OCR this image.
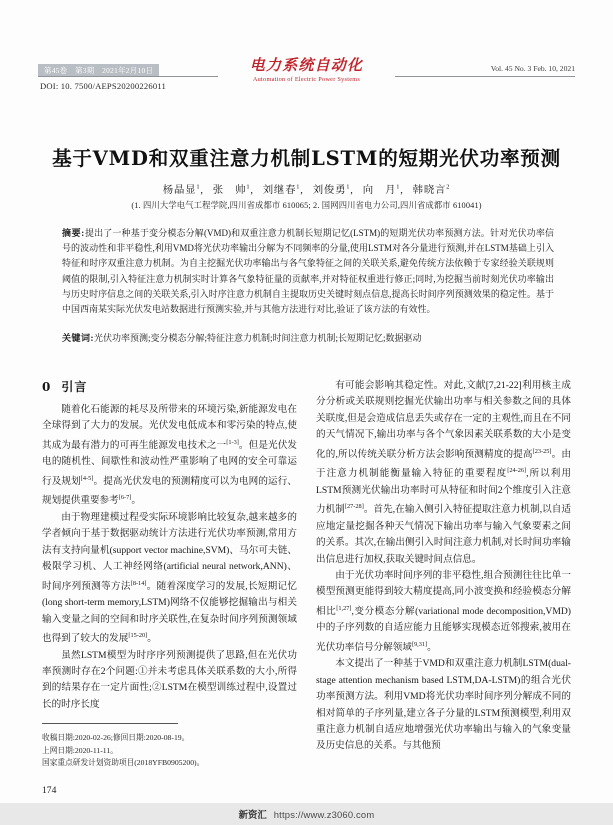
第45卷　第3期　2021年2月10日
DOI: 10. 7500/AEPS20200226011
Vol. 45 No. 3 Feb. 10, 2021
电力系统自动化
Automation of Electric Power Systems
基于VMD和双重注意力机制LSTM的短期光伏功率预测
杨晶显$^1$, 张　帅$^1$, 刘继春$^1$, 刘俊勇$^1$, 向　月$^1$, 韩晓言$^2$
(1. 四川大学电气工程学院,四川省成都市 610065; 2. 国网四川省电力公司,四川省成都市 610041)
摘要:提出了一种基于变分模态分解(VMD)和双重注意力机制长短期记忆(LSTM)的短期光伏功率预测方法。针对光伏功率信号的波动性和非平稳性,利用VMD将光伏功率输出分解为不同频率的分量,使用LSTM对各分量进行预测,并在LSTM基础上引入特征和时序双重注意力机制。为自主挖掘光伏功率输出与各气象特征之间的关联关系,避免传统方法依赖于专家经验关联规则阈值的限制,引入特征注意力机制实时计算各气象特征量的贡献率,并对特征权重进行修正;同时,为挖掘当前时刻光伏功率输出与历史时序信息之间的关联关系,引入时序注意力机制自主提取历史关键时刻点信息,提高长时间序列预测效果的稳定性。基于中国西南某实际光伏发电站数据进行预测实验,并与其他方法进行对比,验证了该方法的有效性。
关键词:光伏功率预测;变分模态分解;特征注意力机制;时间注意力机制;长短期记忆;数据驱动
0 引言

随着化石能源的耗尽及所带来的环境污染,新能源发电在全球得到了大力的发展。光伏发电低成本和零污染的特点,使其成为最有潜力的可再生能源发电技术之一[1-3]。但是光伏发电的随机性、间歇性和波动性严重影响了电网的安全可靠运行及规划[4-5]。提高光伏发电的预测精度可以为电网的运行、规划提供重要参考[6-7]。

由于物理建模过程受实际环境影响比较复杂,越来越多的学者倾向于基于数据驱动统计方法进行光伏功率预测,常用方法有支持向量机(support vector machine,SVM)、马尔可夫链、极限学习机、人工神经网络(artificial neural network,ANN)、时间序列预测等方法[8-14]。随着深度学习的发展,长短期记忆(long short-term memory,LSTM)网络不仅能够挖掘输出与相关输入变量之间的空间和时序关联性,在复杂时间序列预测领域也得到了较大的发展[15-20]。

虽然LSTM模型为时序序列预测提供了思路,但在光伏功率预测时存在2个问题:①并未考虑具体关联系数的大小,所得到的结果存在一定片面性;②LSTM在模型训练过程中,设置过长的时序长度

有可能会影响其稳定性。对此,文献[7,21-22]利用核主成分分析或关联规则挖掘光伏输出功率与相关参数之间的具体关联度,但是会造成信息丢失或存在一定的主观性,而且在不同的天气情况下,输出功率与各个气象因素关联系数的大小是变化的,所以传统关联分析方法会影响预测精度的提高[23-25]。由于注意力机制能衡量输入特征的重要程度[24-26],所以利用LSTM预测光伏输出功率时可从特征和时间2个维度引入注意力机制[27-28]。首先,在输入侧引入特征提取注意力机制,以自适应地定量挖掘各种天气情况下输出功率与输入气象要素之间的关系。其次,在输出侧引入时间注意力机制,对长时间功率输出信息进行加权,获取关键时间点信息。

由于光伏功率时间序列的非平稳性,组合预测往往比单一模型预测更能得到较大精度提高,同小波变换和经验模态分解相比[1,27],变分模态分解(variational mode decomposition,VMD)中的子序列数的自适应能力且能够实现模态近邻搜索,被用在光伏功率信号分解领域[9,31]。

本文提出了一种基于VMD和双重注意力机制LSTM(dual-stage attention mechanism based LSTM,DA-LSTM)的组合光伏功率预测方法。利用VMD将光伏功率时间序列分解成不同的相对简单的子序列量,建立各子分量的LSTM预测模型,利用双重注意力机制自适应地增强光伏功率输出与输入的气象变量及历史信息的关系。与其他预

收稿日期:2020-02-26;修回日期:2020-08-19。
上网日期:2020-11-11。
国家重点研发计划资助项目(2018YFB0905200)。
174
新资汇 https://www.z3060.com
